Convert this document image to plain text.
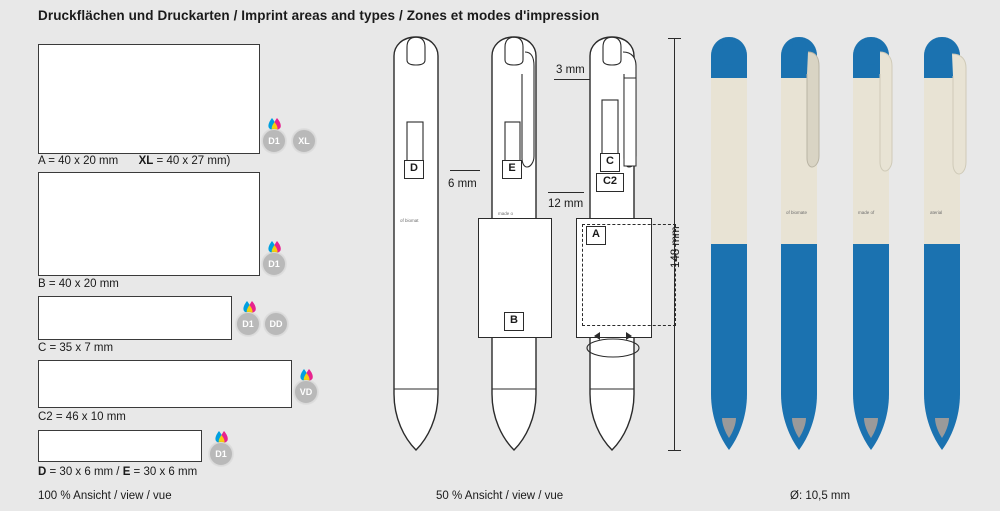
Druckflächen und Druckarten / Imprint areas and types / Zones et modes d'impression
A = 40 x 20 mm XL = 40 x 27 mm)
D1	XL
B = 40 x 20 mm
D1
C = 35 x 7 mm
D1	DD
C2 = 46 x 10 mm
VD
D = 30 x 6 mm / E = 30 x 6 mm
D1
D
of biomat
6 mm
E
made o
B
12 mm
3 mm
C
C2
A	148 mm
of biomate	made of	aterial
100 % Ansicht / view / vue	50 % Ansicht / view / vue	Ø: 10,5 mm
